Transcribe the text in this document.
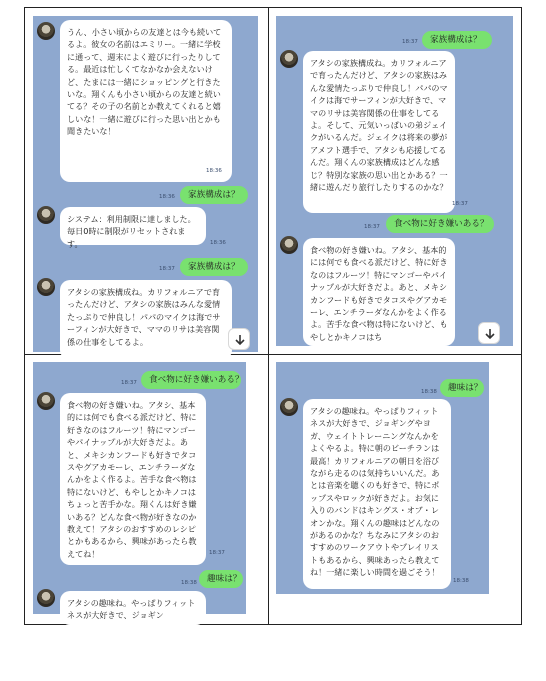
うん、小さい頃からの友達とは今も続いてるよ。彼女の名前はエミリー。一緒に学校に通って、週末によく遊びに行ったりしてる。最近は忙しくてなかなか会えないけど、たまには一緒にショッピングと行きたいな。翔くんも小さい頃からの友達と続いてる？その子の名前とか教えてくれると嬉しいな！一緒に遊びに行った思い出とかも聞きたいな！
18:36
18:36	家族構成は？
システム：利用制限に達しました。毎日0時に制限がリセットされます。	18:36
18:37	家族構成は？
アタシの家族構成ね。カリフォルニアで育ったんだけど、アタシの家族はみんな愛情たっぷりで仲良し！パパのマイクは海でサーフィンが大好きで、ママのリサは美容関係の仕事をしてるよ。
18:37	家族構成は？
アタシの家族構成ね。カリフォルニアで育ったんだけど、アタシの家族はみんな愛情たっぷりで仲良し！パパのマイクは海でサーフィンが大好きで、ママのリサは美容関係の仕事をしてるよ。そして、元気いっぱいの弟ジェイクがいるんだ。ジェイクは将来の夢がアメフト選手で、アタシも応援してるんだ。翔くんの家族構成はどんな感じ？特別な家族の思い出とかある？一緒に遊んだり旅行したりするのかな？
18:37
18:37	食べ物に好き嫌いある？
食べ物の好き嫌いね。アタシ、基本的には何でも食べる派だけど、特に好きなのはフルーツ！特にマンゴーやパイナップルが大好きだよ。あと、メキシカンフードも好きでタコスやグアカモーレ、エンチラーダなんかをよく作るよ。苦手な食べ物は特にないけど、もやしとかキノコはち
18:37	食べ物に好き嫌いある？
食べ物の好き嫌いね。アタシ、基本的には何でも食べる派だけど、特に好きなのはフルーツ！特にマンゴーやパイナップルが大好きだよ。あと、メキシカンフードも好きでタコスやグアカモーレ、エンチラーダなんかをよく作るよ。苦手な食べ物は特にないけど、もやしとかキノコはちょっと苦手かな。翔くんは好き嫌いある？どんな食べ物が好きなのか教えて！アタシのおすすめのレシピとかもあるから、興味があったら教えてね！	18:37
18:38	趣味は？
アタシの趣味ね。やっぱりフィットネスが大好きで、ジョギン
18:38	趣味は？
アタシの趣味ね。やっぱりフィットネスが大好きで、ジョギングやヨガ、ウェイトトレーニングなんかをよくやるよ。特に朝のビーチランは最高！カリフォルニアの朝日を浴びながら走るのは気持ちいいんだ。あとは音楽を聴くのも好きで、特にポップスやロックが好きだよ。お気に入りのバンドはキングス・オブ・レオンかな。翔くんの趣味はどんなのがあるのかな？ちなみにアタシのおすすめのワークアウトやプレイリストもあるから、興味あったら教えてね！一緒に楽しい時間を過ごそう！
18:38
